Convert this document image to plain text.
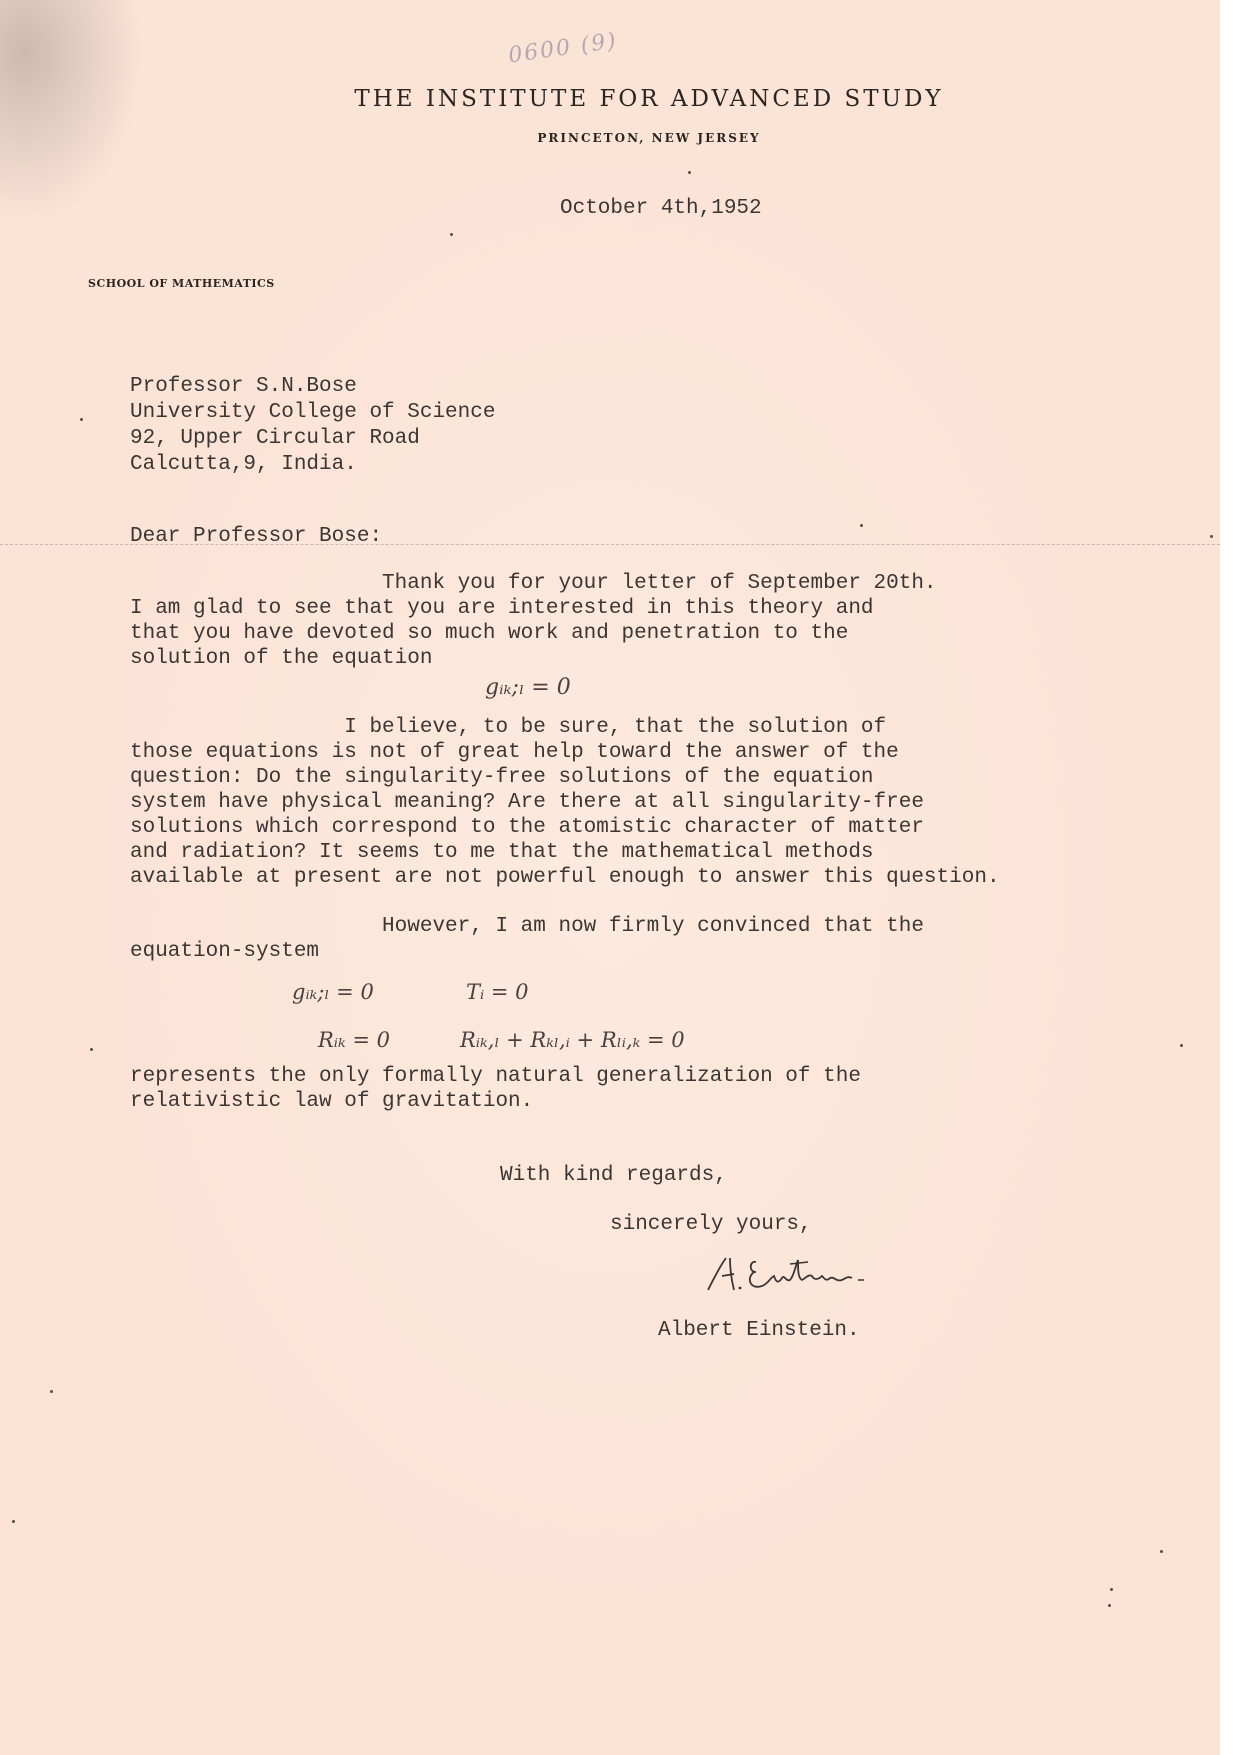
0600 (9)
THE INSTITUTE FOR ADVANCED STUDY
PRINCETON, NEW JERSEY
October 4th,1952
SCHOOL OF MATHEMATICS
Professor S.N.Bose
University College of Science
92, Upper Circular Road
Calcutta,9, India.
Dear Professor Bose:
Thank you for your letter of September 20th.
I am glad to see that you are interested in this theory and
that you have devoted so much work and penetration to the
solution of the equation
gᵢₖ;ₗ = 0
I believe, to be sure, that the solution of
those equations is not of great help toward the answer of the
question: Do the singularity-free solutions of the equation
system have physical meaning? Are there at all singularity-free
solutions which correspond to the atomistic character of matter
and radiation? It seems to me that the mathematical methods
available at present are not powerful enough to answer this question.
However, I am now firmly convinced that the
equation-system
gᵢₖ;ₗ = 0	Tᵢ = 0
Rᵢₖ = 0	Rᵢₖ,ₗ + Rₖₗ,ᵢ + Rₗᵢ,ₖ = 0
represents the only formally natural generalization of the
relativistic law of gravitation.
With kind regards,
sincerely yours,
Albert Einstein.
